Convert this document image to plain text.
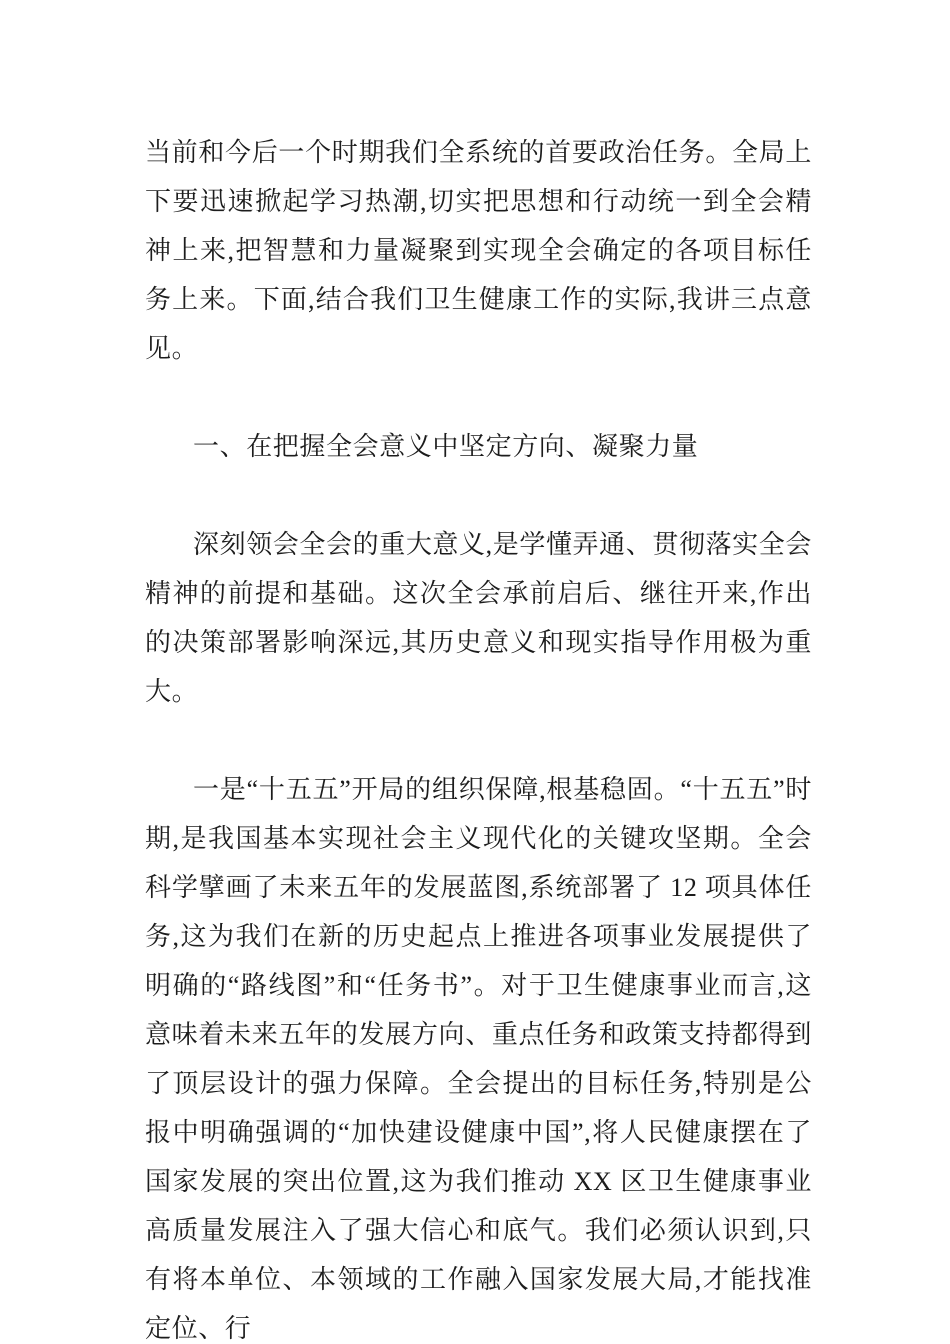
当前和今后一个时期我们全系统的首要政治任务。全局上下要迅速掀起学习热潮,切实把思想和行动统一到全会精神上来,把智慧和力量凝聚到实现全会确定的各项目标任务上来。下面,结合我们卫生健康工作的实际,我讲三点意见。

一、在把握全会意义中坚定方向、凝聚力量

深刻领会全会的重大意义,是学懂弄通、贯彻落实全会精神的前提和基础。这次全会承前启后、继往开来,作出的决策部署影响深远,其历史意义和现实指导作用极为重大。

一是“十五五”开局的组织保障,根基稳固。“十五五”时期,是我国基本实现社会主义现代化的关键攻坚期。全会科学擘画了未来五年的发展蓝图,系统部署了 12 项具体任务,这为我们在新的历史起点上推进各项事业发展提供了明确的“路线图”和“任务书”。对于卫生健康事业而言,这意味着未来五年的发展方向、重点任务和政策支持都得到了顶层设计的强力保障。全会提出的目标任务,特别是公报中明确强调的“加快建设健康中国”,将人民健康摆在了国家发展的突出位置,这为我们推动 XX 区卫生健康事业高质量发展注入了强大信心和底气。我们必须认识到,只有将本单位、本领域的工作融入国家发展大局,才能找准定位、行
